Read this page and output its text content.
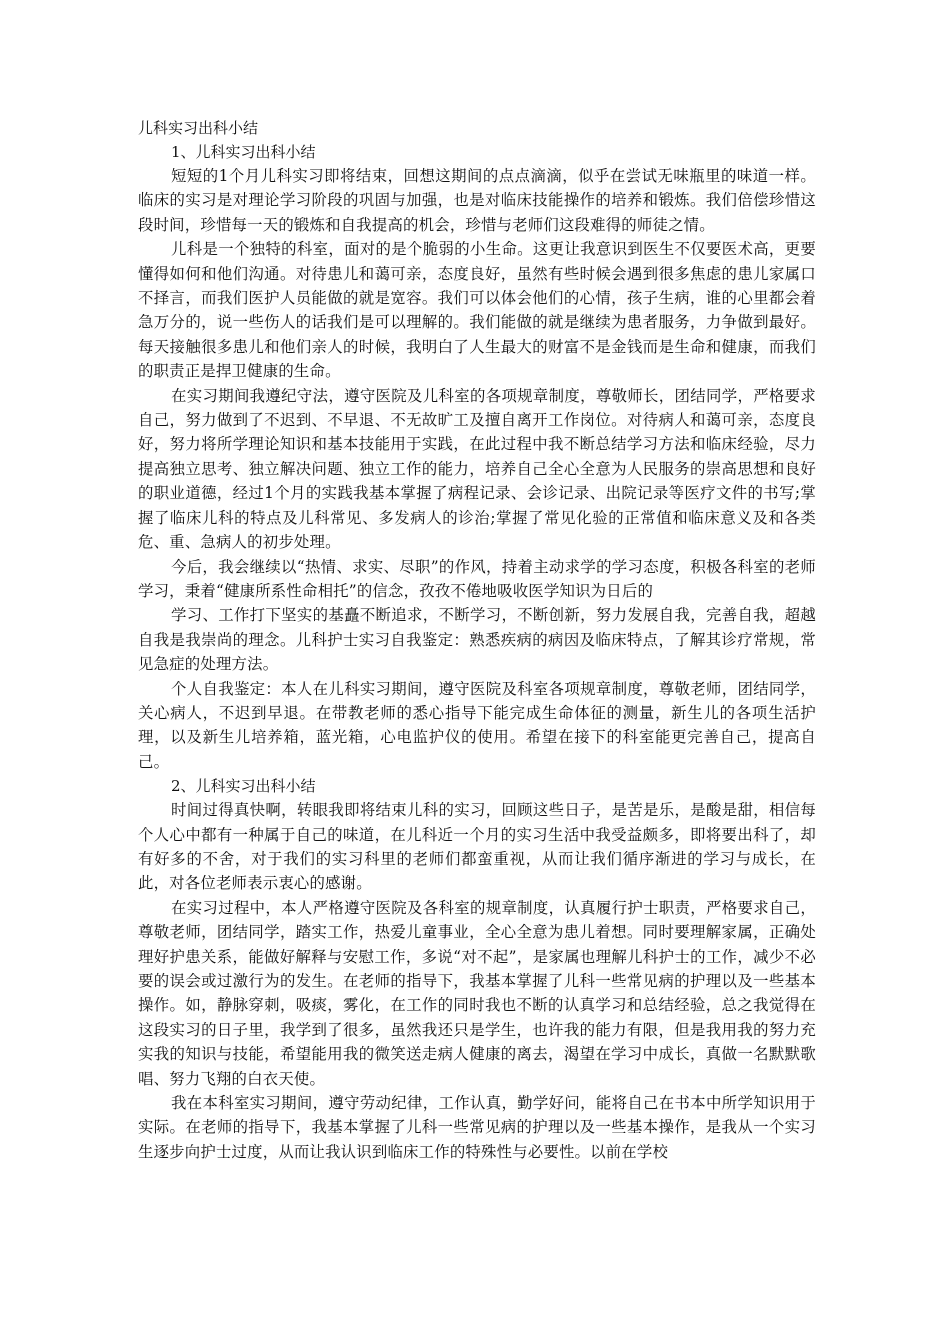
儿科实习出科小结

1、儿科实习出科小结

短短的1个月儿科实习即将结束，回想这期间的点点滴滴，似乎在尝试无味瓶里的味道一样。临床的实习是对理论学习阶段的巩固与加强，也是对临床技能操作的培养和锻炼。我们倍偿珍惜这段时间，珍惜每一天的锻炼和自我提高的机会，珍惜与老师们这段难得的师徒之情。

儿科是一个独特的科室，面对的是个脆弱的小生命。这更让我意识到医生不仅要医术高，更要懂得如何和他们沟通。对待患儿和蔼可亲，态度良好，虽然有些时候会遇到很多焦虑的患儿家属口不择言，而我们医护人员能做的就是宽容。我们可以体会他们的心情，孩子生病，谁的心里都会着急万分的，说一些伤人的话我们是可以理解的。我们能做的就是继续为患者服务，力争做到最好。每天接触很多患儿和他们亲人的时候，我明白了人生最大的财富不是金钱而是生命和健康，而我们的职责正是捍卫健康的生命。

在实习期间我遵纪守法，遵守医院及儿科室的各项规章制度，尊敬师长，团结同学，严格要求自己，努力做到了不迟到、不早退、不无故旷工及擅自离开工作岗位。对待病人和蔼可亲，态度良好，努力将所学理论知识和基本技能用于实践，在此过程中我不断总结学习方法和临床经验，尽力提高独立思考、独立解决问题、独立工作的能力，培养自己全心全意为人民服务的崇高思想和良好的职业道德，经过1个月的实践我基本掌握了病程记录、会诊记录、出院记录等医疗文件的书写;掌握了临床儿科的特点及儿科常见、多发病人的诊治;掌握了常见化验的正常值和临床意义及和各类危、重、急病人的初步处理。

今后，我会继续以“热情、求实、尽职”的作风，持着主动求学的学习态度，积极各科室的老师学习，秉着“健康所系性命相托”的信念，孜孜不倦地吸收医学知识为日后的

学习、工作打下坚实的基矗不断追求，不断学习，不断创新，努力发展自我，完善自我，超越自我是我崇尚的理念。儿科护士实习自我鉴定：熟悉疾病的病因及临床特点，了解其诊疗常规，常见急症的处理方法。

个人自我鉴定：本人在儿科实习期间，遵守医院及科室各项规章制度，尊敬老师，团结同学，关心病人，不迟到早退。在带教老师的悉心指导下能完成生命体征的测量，新生儿的各项生活护理，以及新生儿培养箱，蓝光箱，心电监护仪的使用。希望在接下的科室能更完善自己，提高自己。

2、儿科实习出科小结

时间过得真快啊，转眼我即将结束儿科的实习，回顾这些日子，是苦是乐，是酸是甜，相信每个人心中都有一种属于自己的味道，在儿科近一个月的实习生活中我受益颇多，即将要出科了，却有好多的不舍，对于我们的实习科里的老师们都蛮重视，从而让我们循序渐进的学习与成长，在此，对各位老师表示衷心的感谢。

在实习过程中，本人严格遵守医院及各科室的规章制度，认真履行护士职责，严格要求自己，尊敬老师，团结同学，踏实工作，热爱儿童事业，全心全意为患儿着想。同时要理解家属，正确处理好护患关系，能做好解释与安慰工作，多说“对不起”，是家属也理解儿科护士的工作，减少不必要的误会或过激行为的发生。在老师的指导下，我基本掌握了儿科一些常见病的护理以及一些基本操作。如，静脉穿刺，吸痰，雾化，在工作的同时我也不断的认真学习和总结经验，总之我觉得在这段实习的日子里，我学到了很多，虽然我还只是学生，也许我的能力有限，但是我用我的努力充实我的知识与技能，希望能用我的微笑送走病人健康的离去，渴望在学习中成长，真做一名默默歌唱、努力飞翔的白衣天使。

我在本科室实习期间，遵守劳动纪律，工作认真，勤学好问，能将自己在书本中所学知识用于实际。在老师的指导下，我基本掌握了儿科一些常见病的护理以及一些基本操作，是我从一个实习生逐步向护士过度，从而让我认识到临床工作的特殊性与必要性。以前在学校
